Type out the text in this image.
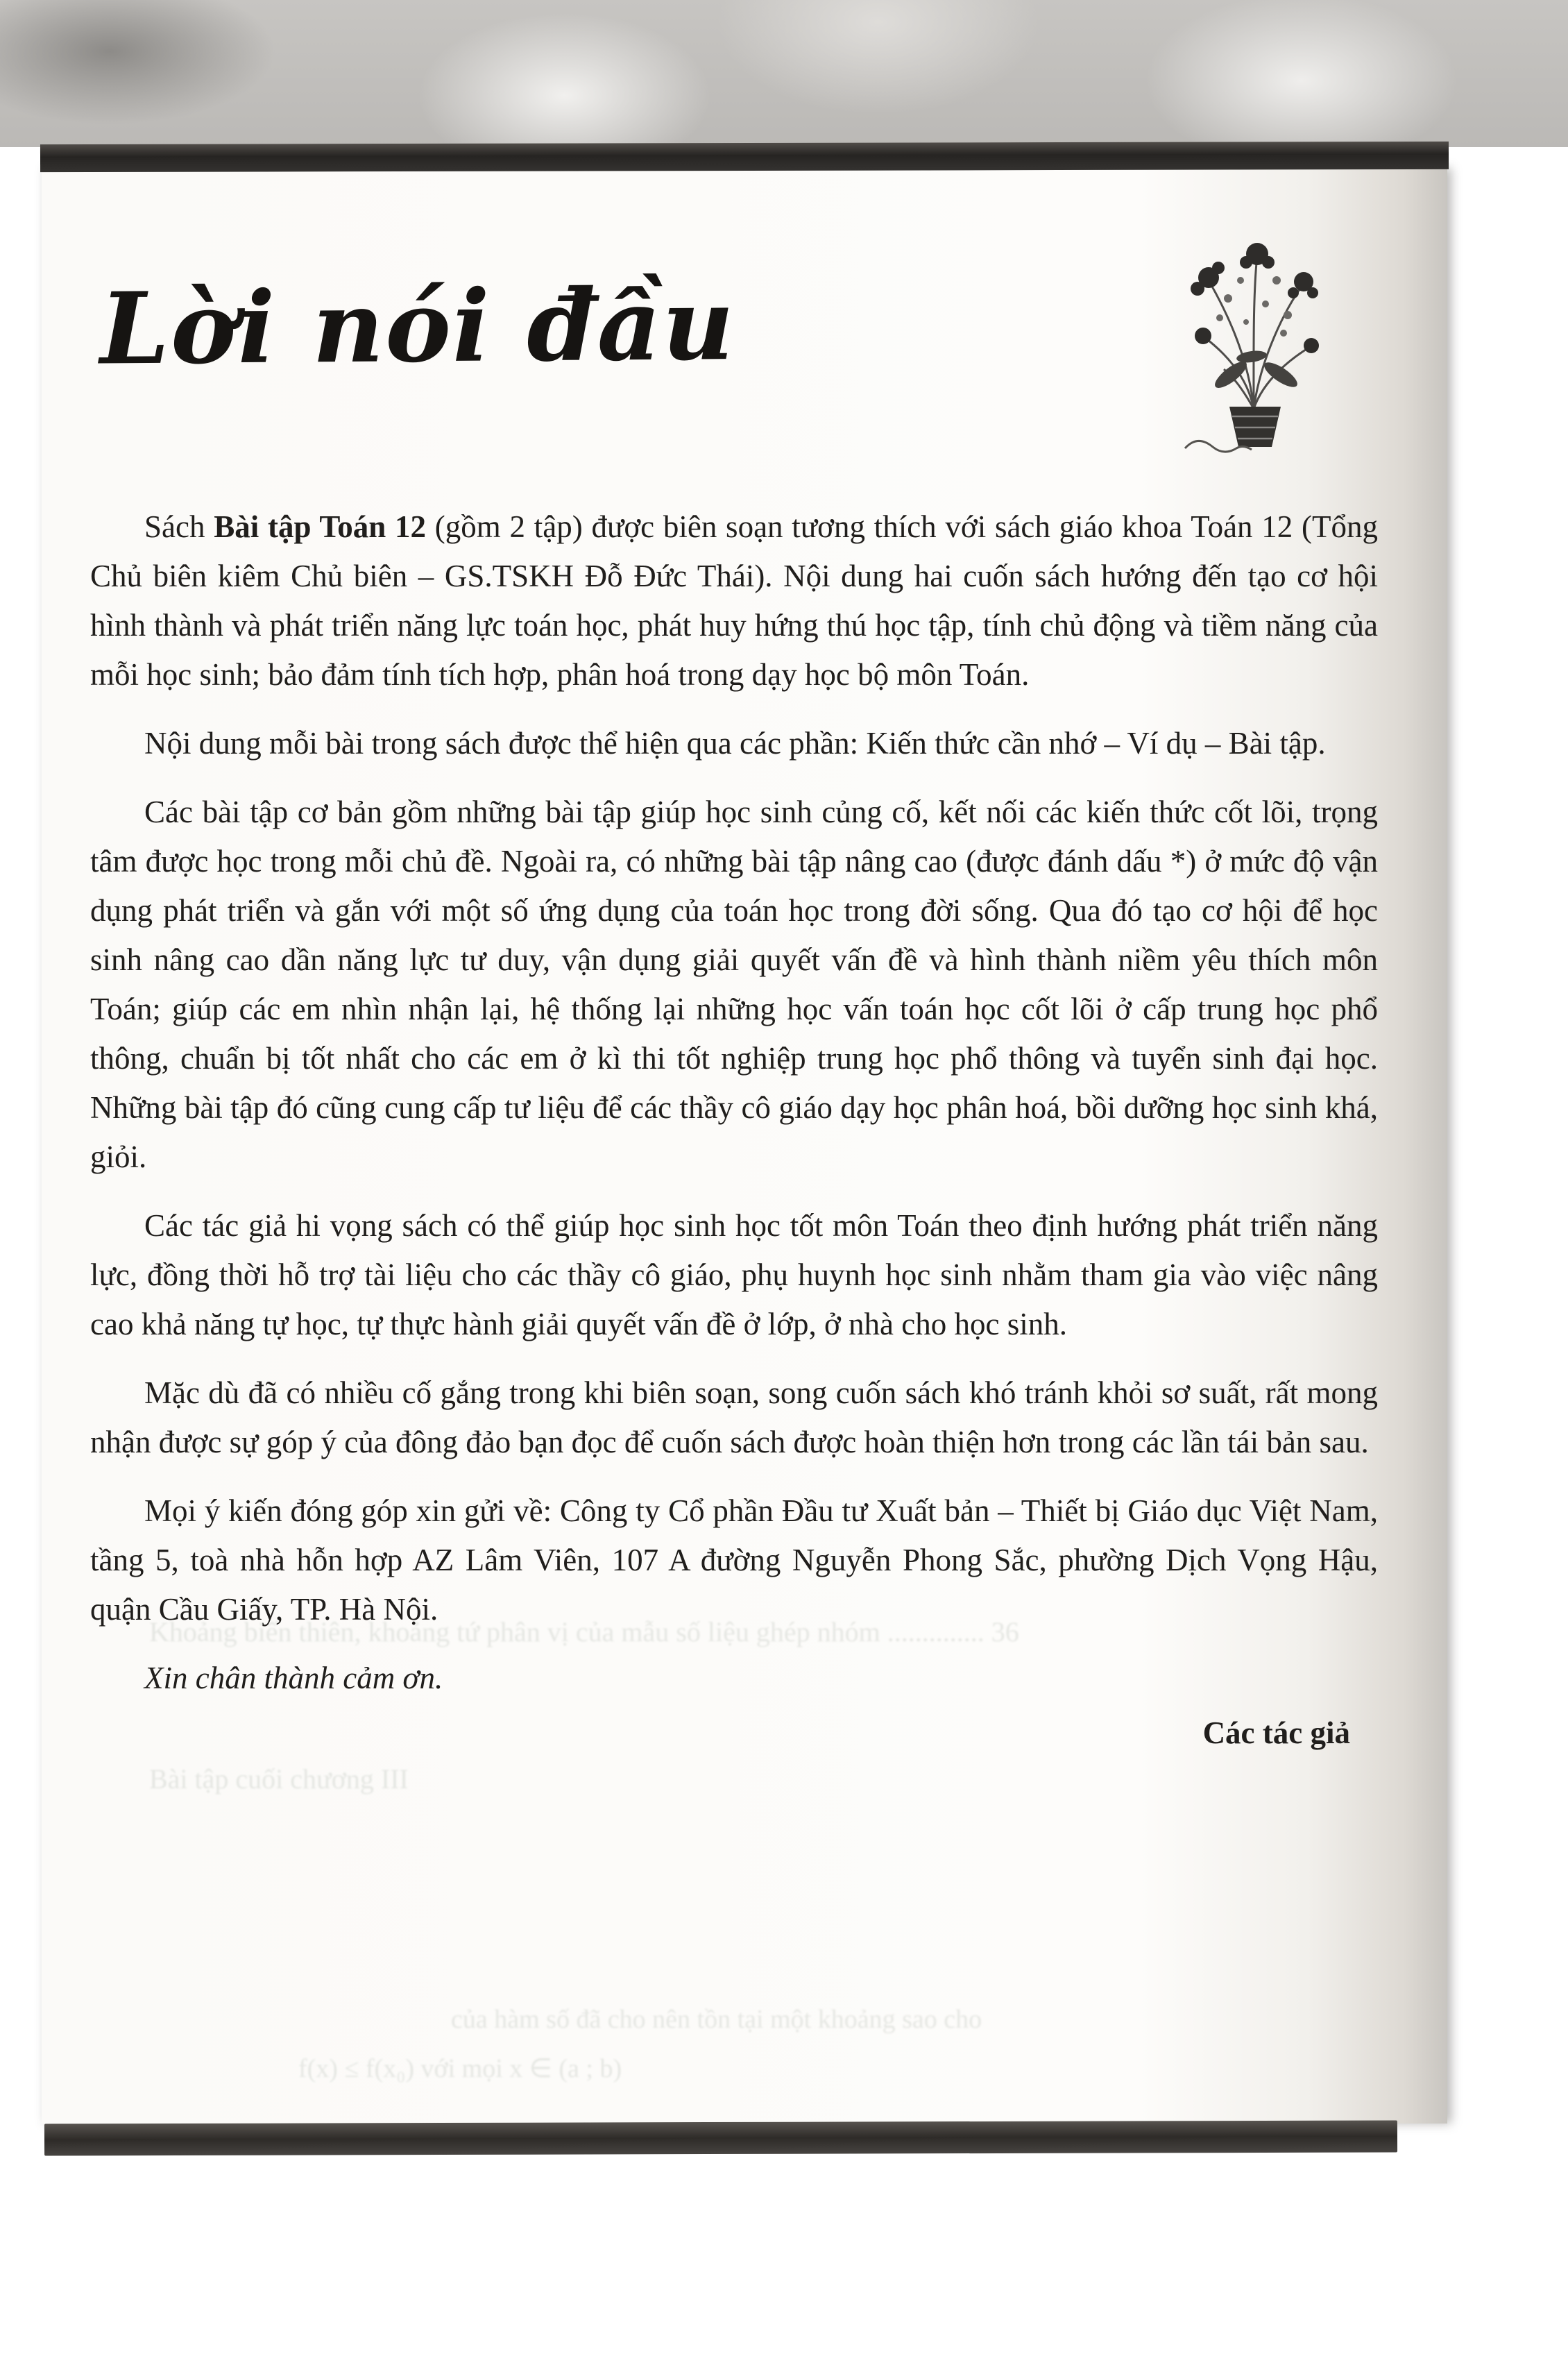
Lời nói đầu

Sách Bài tập Toán 12 (gồm 2 tập) được biên soạn tương thích với sách giáo khoa Toán 12 (Tổng Chủ biên kiêm Chủ biên – GS.TSKH Đỗ Đức Thái). Nội dung hai cuốn sách hướng đến tạo cơ hội hình thành và phát triển năng lực toán học, phát huy hứng thú học tập, tính chủ động và tiềm năng của mỗi học sinh; bảo đảm tính tích hợp, phân hoá trong dạy học bộ môn Toán.

Nội dung mỗi bài trong sách được thể hiện qua các phần: Kiến thức cần nhớ – Ví dụ – Bài tập.

Các bài tập cơ bản gồm những bài tập giúp học sinh củng cố, kết nối các kiến thức cốt lõi, trọng tâm được học trong mỗi chủ đề. Ngoài ra, có những bài tập nâng cao (được đánh dấu *) ở mức độ vận dụng phát triển và gắn với một số ứng dụng của toán học trong đời sống. Qua đó tạo cơ hội để học sinh nâng cao dần năng lực tư duy, vận dụng giải quyết vấn đề và hình thành niềm yêu thích môn Toán; giúp các em nhìn nhận lại, hệ thống lại những học vấn toán học cốt lõi ở cấp trung học phổ thông, chuẩn bị tốt nhất cho các em ở kì thi tốt nghiệp trung học phổ thông và tuyển sinh đại học. Những bài tập đó cũng cung cấp tư liệu để các thầy cô giáo dạy học phân hoá, bồi dưỡng học sinh khá, giỏi.

Các tác giả hi vọng sách có thể giúp học sinh học tốt môn Toán theo định hướng phát triển năng lực, đồng thời hỗ trợ tài liệu cho các thầy cô giáo, phụ huynh học sinh nhằm tham gia vào việc nâng cao khả năng tự học, tự thực hành giải quyết vấn đề ở lớp, ở nhà cho học sinh.

Mặc dù đã có nhiều cố gắng trong khi biên soạn, song cuốn sách khó tránh khỏi sơ suất, rất mong nhận được sự góp ý của đông đảo bạn đọc để cuốn sách được hoàn thiện hơn trong các lần tái bản sau.

Mọi ý kiến đóng góp xin gửi về: Công ty Cổ phần Đầu tư Xuất bản – Thiết bị Giáo dục Việt Nam, tầng 5, toà nhà hỗn hợp AZ Lâm Viên, 107 A đường Nguyễn Phong Sắc, phường Dịch Vọng Hậu, quận Cầu Giấy, TP. Hà Nội.

Xin chân thành cảm ơn.

Các tác giả
